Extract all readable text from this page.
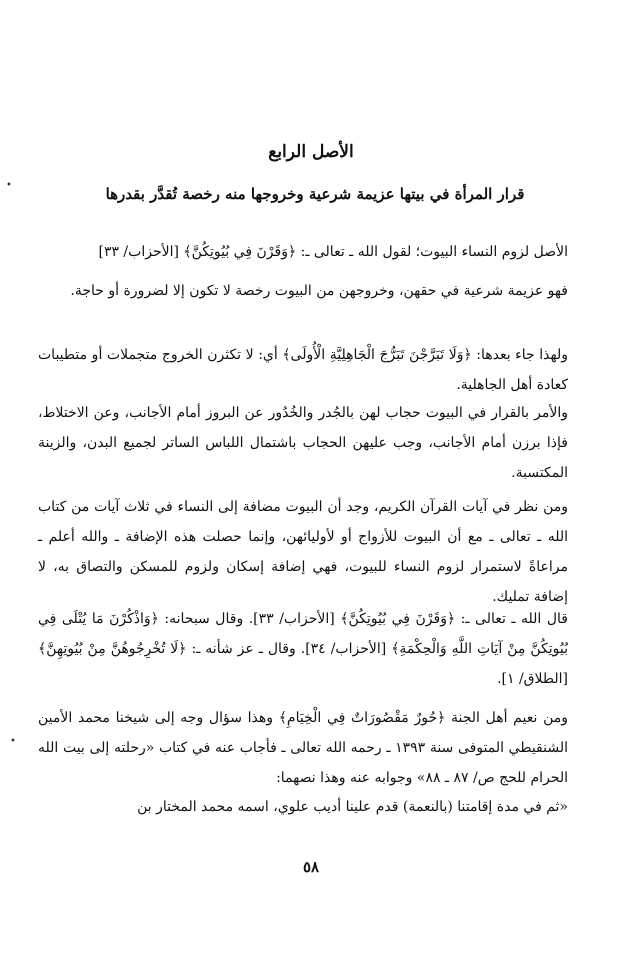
•
الأصل الرابع
قرار المرأة في بيتها عزيمة شرعية وخروجها منه رخصة تُقدَّر بقدرها

الأصل لزوم النساء البيوت؛ لقول الله ـ تعالى ـ: ﴿وَقَرْنَ فِي بُيُوتِكُنَّ﴾ [الأحزاب/ ٣٣]

فهو عزيمة شرعية في حقهن، وخروجهن من البيوت رخصة لا تكون إلا لضرورة أو حاجة.

ولهذا جاء بعدها: ﴿وَلَا تَبَرَّجْنَ تَبَرُّجَ الْجَاهِلِيَّةِ الْأُولَى﴾ أي: لا تكثرن الخروج متجملات أو متطيبات كعادة أهل الجاهلية.

والأمر بالقرار في البيوت حجاب لهن بالجُدر والخُدُور عن البروز أمام الأجانب، وعن الاختلاط، فإذا برزن أمام الأجانب، وجب عليهن الحجاب باشتمال اللباس الساتر لجميع البدن، والزينة المكتسبة.

ومن نظر في آيات القرآن الكريم، وجد أن البيوت مضافة إلى النساء في ثلاث آيات من كتاب الله ـ تعالى ـ مع أن البيوت للأزواج أو لأوليائهن، وإنما حصلت هذه الإضافة ـ والله أعلم ـ مراعاةً لاستمرار لزوم النساء للبيوت، فهي إضافة إسكان ولزوم للمسكن والتصاق به، لا إضافة تمليك.

قال الله ـ تعالى ـ: ﴿وَقَرْنَ فِي بُيُوتِكُنَّ﴾ [الأحزاب/ ٣٣]. وقال سبحانه: ﴿وَاذْكُرْنَ مَا يُتْلَى فِي بُيُوتِكُنَّ مِنْ آيَاتِ اللَّهِ وَالْحِكْمَةِ﴾ [الأحزاب/ ٣٤]. وقال ـ عز شأنه ـ: ﴿لَا تُخْرِجُوهُنَّ مِنْ بُيُوتِهِنَّ﴾ [الطلاق/ ١].

ومن نعيم أهل الجنة ﴿حُورٌ مَقْصُورَاتٌ فِي الْخِيَامِ﴾ وهذا سؤال وجه إلى شيخنا محمد الأمين الشنقيطي المتوفى سنة ١٣٩٣ ـ رحمه الله تعالى ـ فأجاب عنه في كتاب «رحلته إلى بيت الله الحرام للحج ص/ ٨٧ ـ ٨٨» وجوابه عنه وهذا نصهما:

«ثم في مدة إقامتنا (بالنعمة) قدم علينا أديب علوي، اسمه محمد المختار بن

•
٥٨
